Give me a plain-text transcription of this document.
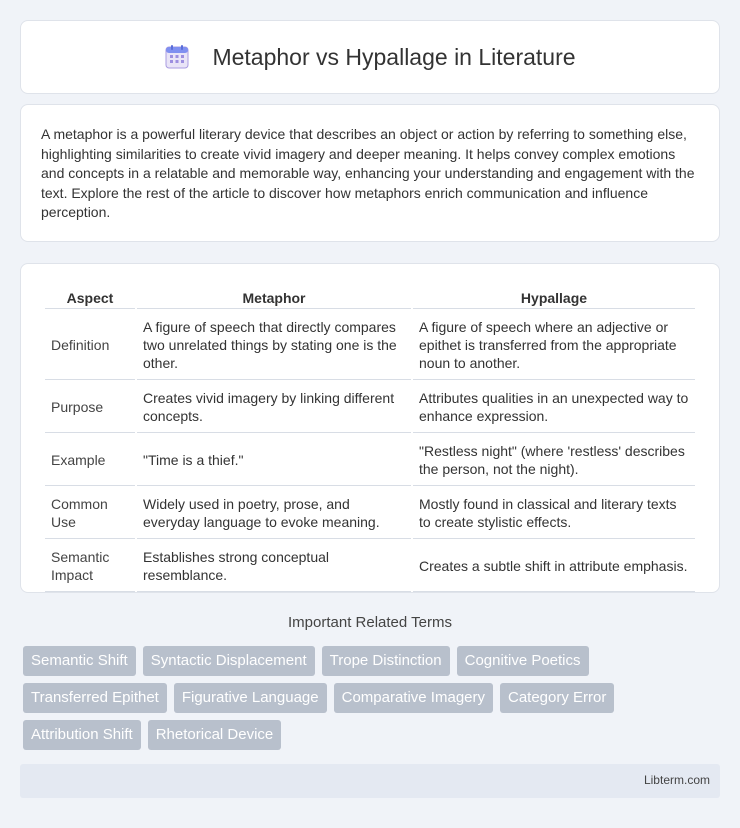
Metaphor vs Hypallage in Literature

A metaphor is a powerful literary device that describes an object or action by referring to something else, highlighting similarities to create vivid imagery and deeper meaning. It helps convey complex emotions and concepts in a relatable and memorable way, enhancing your understanding and engagement with the text. Explore the rest of the article to discover how metaphors enrich communication and influence perception.

Aspect	Metaphor	Hypallage
Definition	A figure of speech that directly compares two unrelated things by stating one is the other.	A figure of speech where an adjective or epithet is transferred from the appropriate noun to another.
Purpose	Creates vivid imagery by linking different concepts.	Attributes qualities in an unexpected way to enhance expression.
Example	"Time is a thief."	"Restless night" (where 'restless' describes the person, not the night).
Common Use	Widely used in poetry, prose, and everyday language to evoke meaning.	Mostly found in classical and literary texts to create stylistic effects.
Semantic Impact	Establishes strong conceptual resemblance.	Creates a subtle shift in attribute emphasis.
Important Related Terms
Semantic Shift	Syntactic Displacement	Trope Distinction	Cognitive Poetics
Transferred Epithet	Figurative Language	Comparative Imagery	Category Error
Attribution Shift	Rhetorical Device
Libterm.com
